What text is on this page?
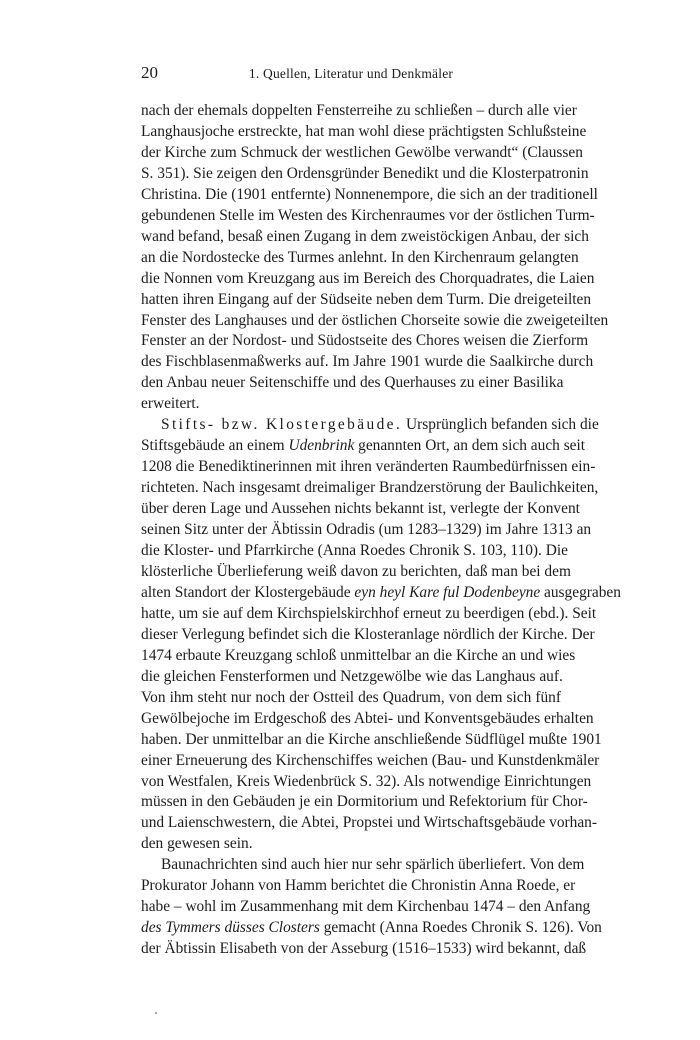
20	1. Quellen, Literatur und Denkmäler
nach der ehemals doppelten Fensterreihe zu schließen – durch alle vier
Langhausjoche erstreckte, hat man wohl diese prächtigsten Schlußsteine
der Kirche zum Schmuck der westlichen Gewölbe verwandt“ (Claussen
S. 351). Sie zeigen den Ordensgründer Benedikt und die Klosterpatronin
Christina. Die (1901 entfernte) Nonnenempore, die sich an der traditionell
gebundenen Stelle im Westen des Kirchenraumes vor der östlichen Turm-
wand befand, besaß einen Zugang in dem zweistöckigen Anbau, der sich
an die Nordostecke des Turmes anlehnt. In den Kirchenraum gelangten
die Nonnen vom Kreuzgang aus im Bereich des Chorquadrates, die Laien
hatten ihren Eingang auf der Südseite neben dem Turm. Die dreigeteilten
Fenster des Langhauses und der östlichen Chorseite sowie die zweigeteilten
Fenster an der Nordost- und Südostseite des Chores weisen die Zierform
des Fischblasenmaßwerks auf. Im Jahre 1901 wurde die Saalkirche durch
den Anbau neuer Seitenschiffe und des Querhauses zu einer Basilika
erweitert.
Stifts- bzw. Klostergebäude. Ursprünglich befanden sich die
Stiftsgebäude an einem Udenbrink genannten Ort, an dem sich auch seit
1208 die Benediktinerinnen mit ihren veränderten Raumbedürfnissen ein-
richteten. Nach insgesamt dreimaliger Brandzerstörung der Baulichkeiten,
über deren Lage und Aussehen nichts bekannt ist, verlegte der Konvent
seinen Sitz unter der Äbtissin Odradis (um 1283–1329) im Jahre 1313 an
die Kloster- und Pfarrkirche (Anna Roedes Chronik S. 103, 110). Die
klösterliche Überlieferung weiß davon zu berichten, daß man bei dem
alten Standort der Klostergebäude eyn heyl Kare ful Dodenbeyne ausgegraben
hatte, um sie auf dem Kirchspielskirchhof erneut zu beerdigen (ebd.). Seit
dieser Verlegung befindet sich die Klosteranlage nördlich der Kirche. Der
1474 erbaute Kreuzgang schloß unmittelbar an die Kirche an und wies
die gleichen Fensterformen und Netzgewölbe wie das Langhaus auf.
Von ihm steht nur noch der Ostteil des Quadrum, von dem sich fünf
Gewölbejoche im Erdgeschoß des Abtei- und Konventsgebäudes erhalten
haben. Der unmittelbar an die Kirche anschließende Südflügel mußte 1901
einer Erneuerung des Kirchenschiffes weichen (Bau- und Kunstdenkmäler
von Westfalen, Kreis Wiedenbrück S. 32). Als notwendige Einrichtungen
müssen in den Gebäuden je ein Dormitorium und Refektorium für Chor-
und Laienschwestern, die Abtei, Propstei und Wirtschaftsgebäude vorhan-
den gewesen sein.
Baunachrichten sind auch hier nur sehr spärlich überliefert. Von dem
Prokurator Johann von Hamm berichtet die Chronistin Anna Roede, er
habe – wohl im Zusammenhang mit dem Kirchenbau 1474 – den Anfang
des Tymmers düsses Closters gemacht (Anna Roedes Chronik S. 126). Von
der Äbtissin Elisabeth von der Asseburg (1516–1533) wird bekannt, daß
